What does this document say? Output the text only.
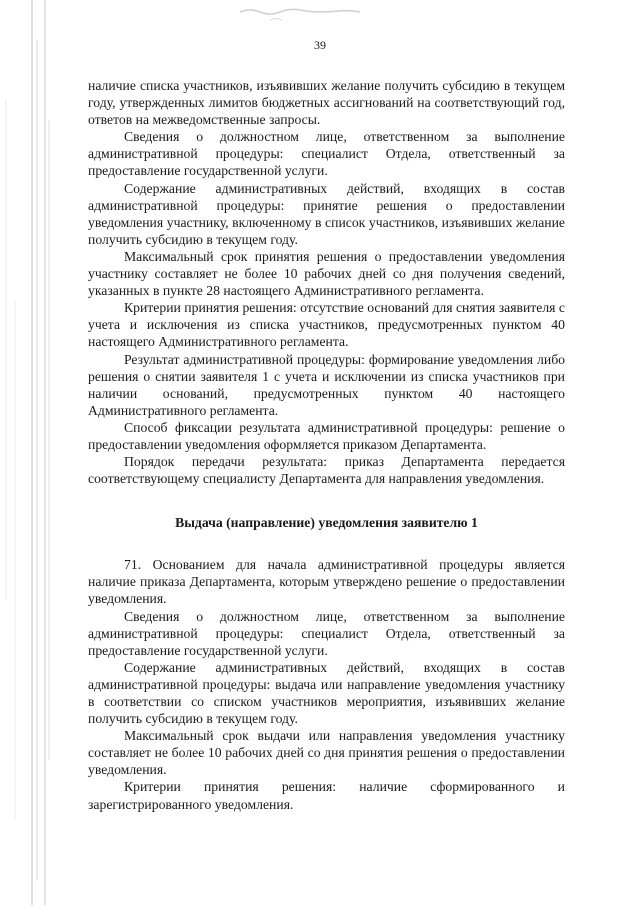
39

наличие списка участников, изъявивших желание получить субсидию в текущем году, утвержденных лимитов бюджетных ассигнований на соответствующий год, ответов на межведомственные запросы.

Сведения о должностном лице, ответственном за выполнение административной процедуры: специалист Отдела, ответственный за предоставление государственной услуги.

Содержание административных действий, входящих в состав административной процедуры: принятие решения о предоставлении уведомления участнику, включенному в список участников, изъявивших желание получить субсидию в текущем году.

Максимальный срок принятия решения о предоставлении уведомления участнику составляет не более 10 рабочих дней со дня получения сведений, указанных в пункте 28 настоящего Административного регламента.

Критерии принятия решения: отсутствие оснований для снятия заявителя с учета и исключения из списка участников, предусмотренных пунктом 40 настоящего Административного регламента.

Результат административной процедуры: формирование уведомления либо решения о снятии заявителя 1 с учета и исключении из списка участников при наличии оснований, предусмотренных пунктом 40 настоящего Административного регламента.

Способ фиксации результата административной процедуры: решение о предоставлении уведомления оформляется приказом Департамента.

Порядок передачи результата: приказ Департамента передается соответствующему специалисту Департамента для направления уведомления.

Выдача (направление) уведомления заявителю 1

71. Основанием для начала административной процедуры является наличие приказа Департамента, которым утверждено решение о предоставлении уведомления.

Сведения о должностном лице, ответственном за выполнение административной процедуры: специалист Отдела, ответственный за предоставление государственной услуги.

Содержание административных действий, входящих в состав административной процедуры: выдача или направление уведомления участнику в соответствии со списком участников мероприятия, изъявивших желание получить субсидию в текущем году.

Максимальный срок выдачи или направления уведомления участнику составляет не более 10 рабочих дней со дня принятия решения о предоставлении уведомления.

Критерии принятия решения: наличие сформированного и зарегистрированного уведомления.
